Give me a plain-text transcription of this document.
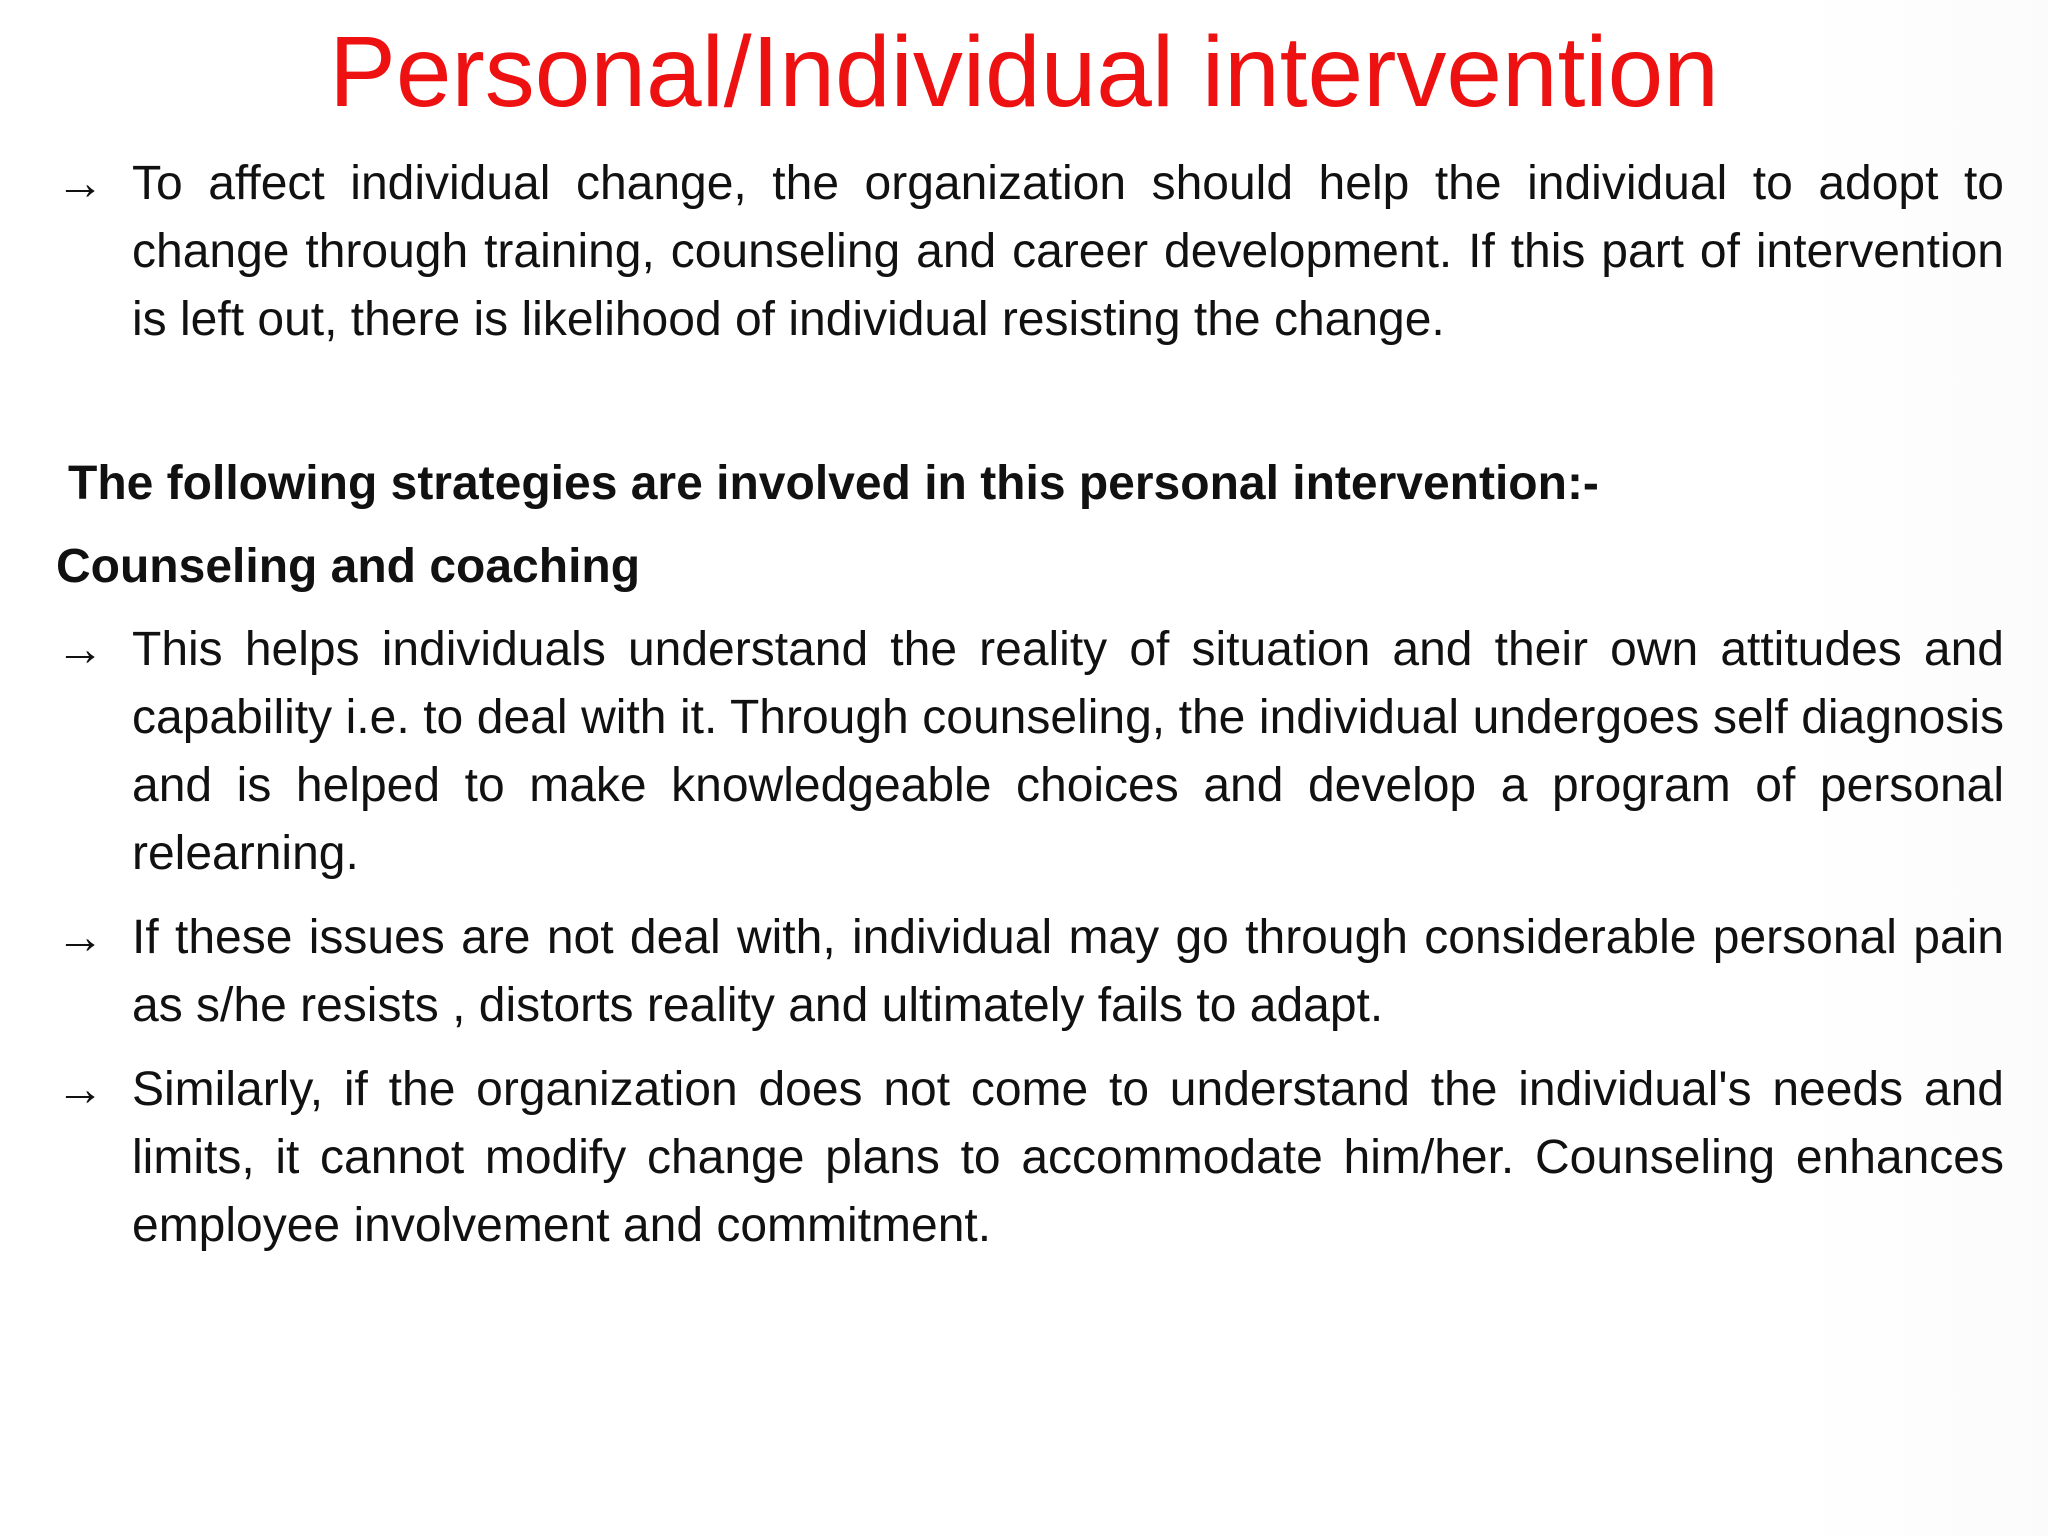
Personal/Individual intervention
→ To affect individual change, the organization should help the individual to adopt to change through training, counseling and career development. If this part of intervention is left out, there is likelihood of individual resisting the change.
The following strategies are involved in this personal intervention:-
Counseling and coaching
→ This helps individuals understand the reality of situation and their own attitudes and capability i.e. to deal with it. Through counseling, the individual undergoes self diagnosis and is helped to make knowledgeable choices and develop a program of personal relearning.
→ If these issues are not deal with, individual may go through considerable personal pain as s/he resists , distorts reality and ultimately fails to adapt.
→ Similarly, if the organization does not come to understand the individual's needs and limits, it cannot modify change plans to accommodate him/her. Counseling enhances employee involvement and commitment.
